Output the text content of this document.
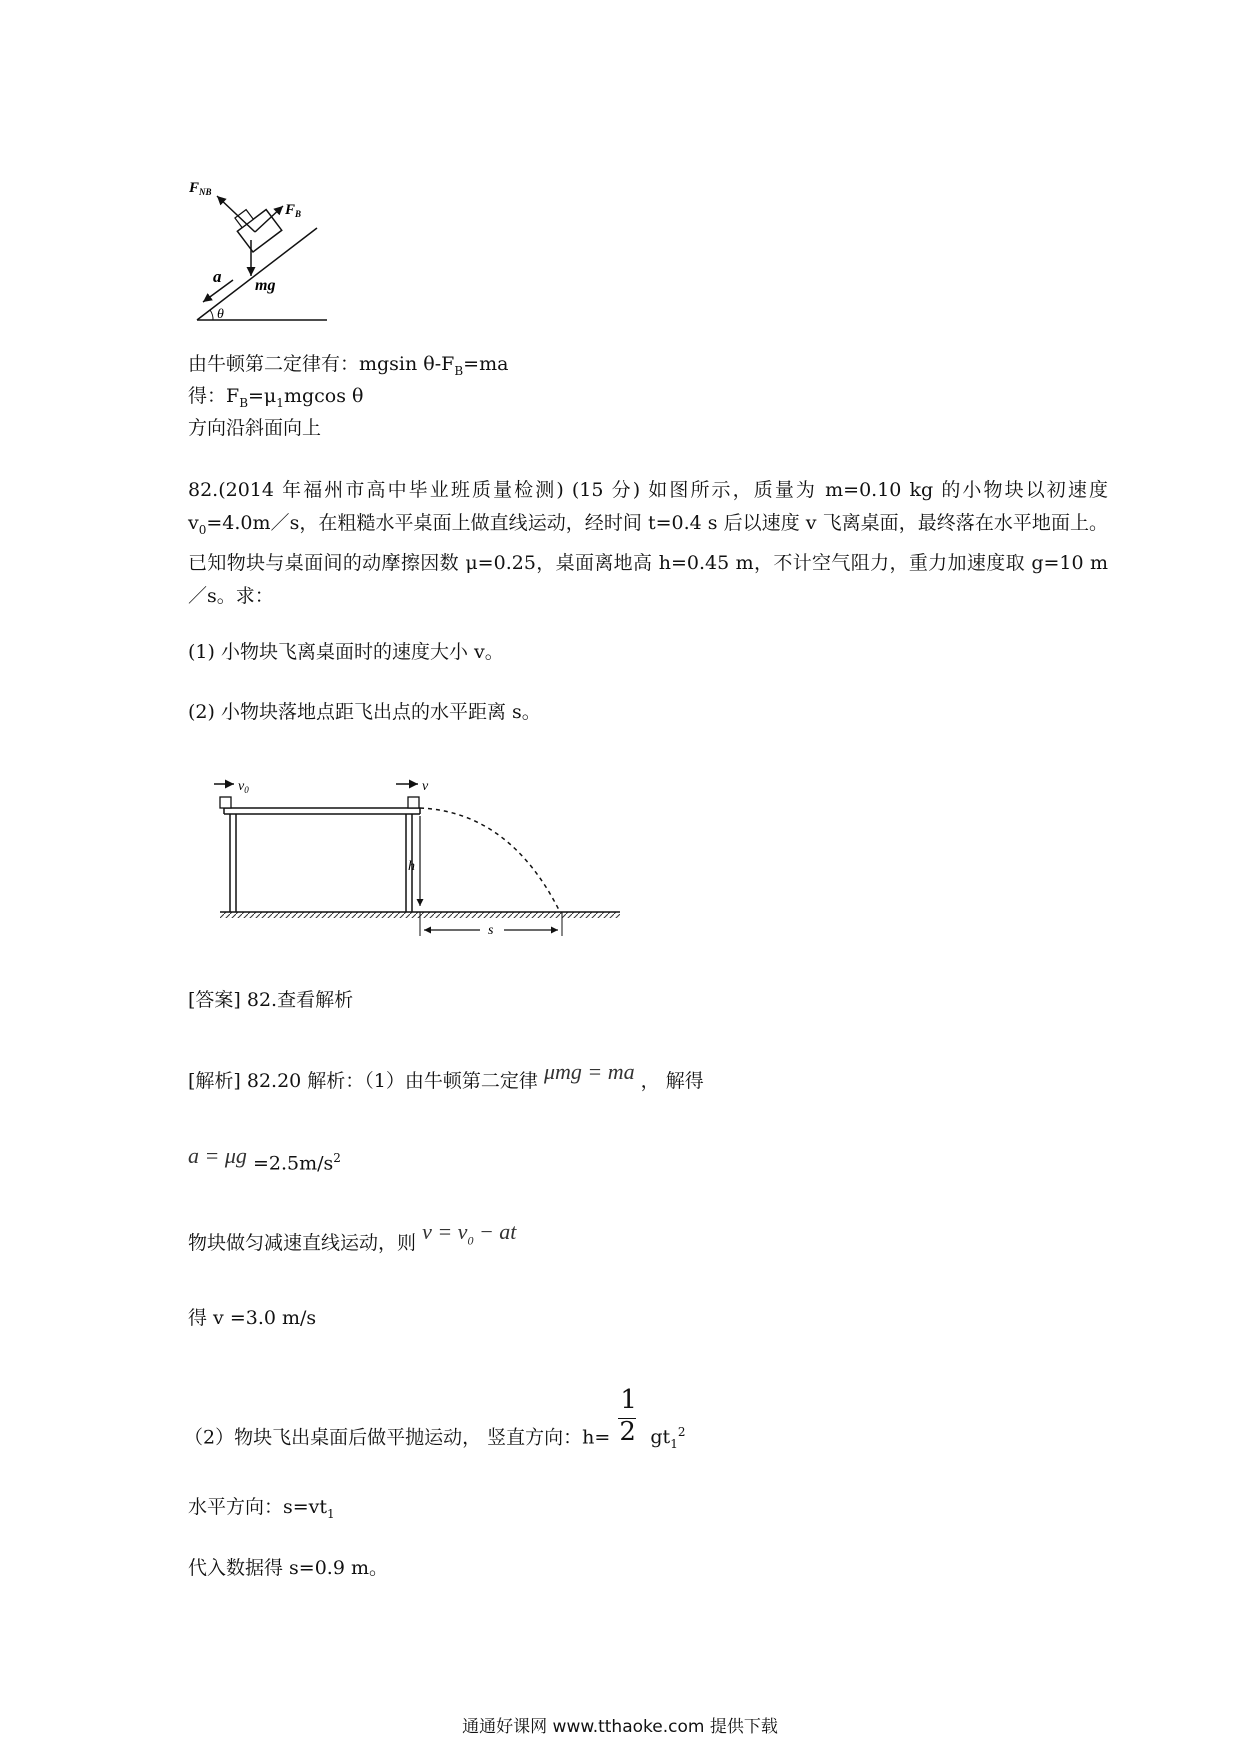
$F_{NB}$
$F_B$
a mg
θ
由牛顿第二定律有：mgsin $\theta-F_B=ma$
得：$F_B=\mu_1mgcos$ θ
方向沿斜面向上
82.(2014 年福州市高中毕业班质量检测) (15 分) 如图所示，质量为 m=0.10 kg 的小物块以初速度 $v_0=4.0m/s$，在粗糙水平桌面上做直线运动，经时间 t=0.4 s 后以速度 v 飞离桌面，最终落在水平地面上。已知物块与桌面间的动摩擦因数 μ=0.25，桌面离地高 h=0.45 m，不计空气阻力，重力加速度取 g=10 m／s。求：
(1) 小物块飞离桌面时的速度大小 v。
(2) 小物块落地点距飞出点的水平距离 s。
$v_0$	v
h
s
[答案] 82.查看解析
[解析] 82.20 解析：（1）由牛顿第二定律 μmg = ma ， 解得
$a = \mu g =2.5m/s^2$
物块做匀减速直线运动，则 $v = v_0$ − at
得 v =3.0 m/s
（2）物块飞出桌面后做平抛运动， 竖直方向：$h= \frac{1}{2} gt_1^2$
水平方向：$s=vt_1$
代入数据得 s=0.9 m。
通通好课网 www.tthaoke.com 提供下载
